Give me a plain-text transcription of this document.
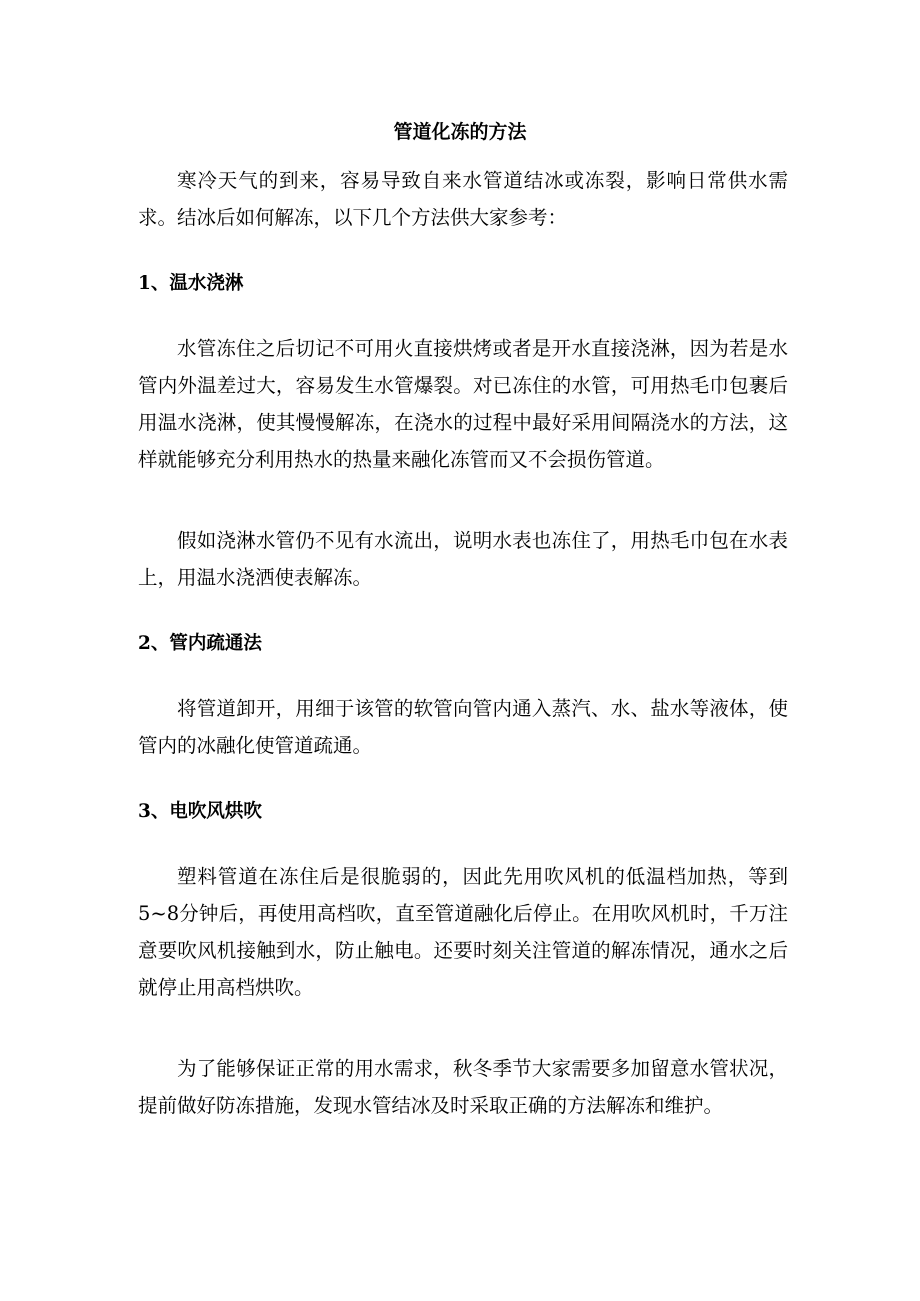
管道化冻的方法

寒冷天气的到来，容易导致自来水管道结冰或冻裂，影响日常供水需求。结冰后如何解冻，以下几个方法供大家参考：

1、温水浇淋

水管冻住之后切记不可用火直接烘烤或者是开水直接浇淋，因为若是水管内外温差过大，容易发生水管爆裂。对已冻住的水管，可用热毛巾包裹后用温水浇淋，使其慢慢解冻，在浇水的过程中最好采用间隔浇水的方法，这样就能够充分利用热水的热量来融化冻管而又不会损伤管道。

假如浇淋水管仍不见有水流出，说明水表也冻住了，用热毛巾包在水表上，用温水浇洒使表解冻。

2、管内疏通法

将管道卸开，用细于该管的软管向管内通入蒸汽、水、盐水等液体，使管内的冰融化使管道疏通。

3、电吹风烘吹

塑料管道在冻住后是很脆弱的，因此先用吹风机的低温档加热，等到5~8分钟后，再使用高档吹，直至管道融化后停止。在用吹风机时，千万注意要吹风机接触到水，防止触电。还要时刻关注管道的解冻情况，通水之后就停止用高档烘吹。

为了能够保证正常的用水需求，秋冬季节大家需要多加留意水管状况，提前做好防冻措施，发现水管结冰及时采取正确的方法解冻和维护。
